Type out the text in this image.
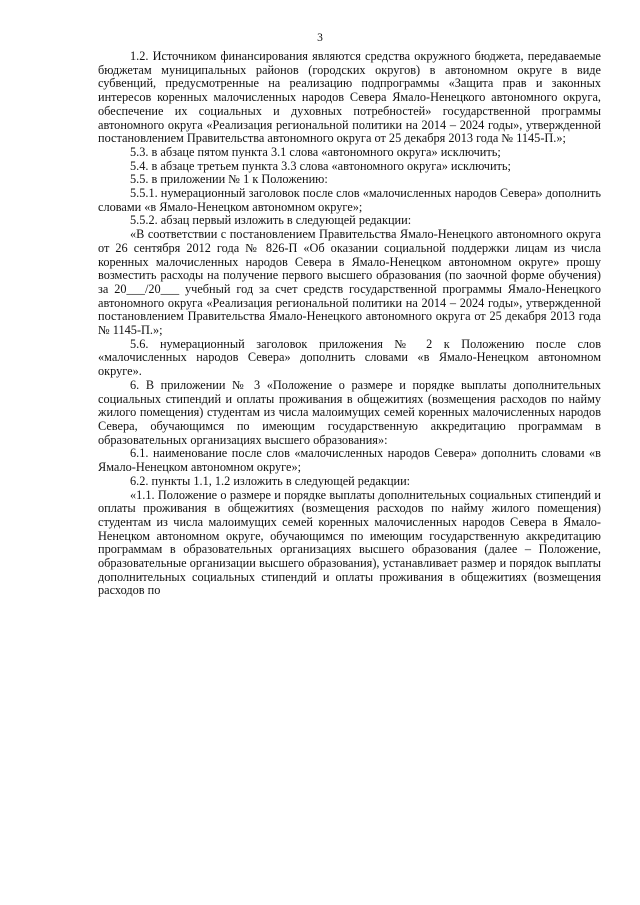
3

1.2. Источником финансирования являются средства окружного бюджета, передаваемые бюджетам муниципальных районов (городских округов) в автономном округе в виде субвенций, предусмотренные на реализацию подпрограммы «Защита прав и законных интересов коренных малочисленных народов Севера Ямало-Ненецкого автономного округа, обеспечение их социальных и духовных потребностей» государственной программы автономного округа «Реализация региональной политики на 2014 – 2024 годы», утвержденной постановлением Правительства автономного округа от 25 декабря 2013 года № 1145-П.»;

5.3. в абзаце пятом пункта 3.1 слова «автономного округа» исключить;

5.4. в абзаце третьем пункта 3.3 слова «автономного округа» исключить;

5.5. в приложении № 1 к Положению:

5.5.1. нумерационный заголовок после слов «малочисленных народов Севера» дополнить словами «в Ямало-Ненецком автономном округе»;

5.5.2. абзац первый изложить в следующей редакции:

«В соответствии с постановлением Правительства Ямало-Ненецкого автономного округа от 26 сентября 2012 года № 826-П «Об оказании социальной поддержки лицам из числа коренных малочисленных народов Севера в Ямало-Ненецком автономном округе» прошу возместить расходы на получение первого высшего образования (по заочной форме обучения) за 20___/20___ учебный год за счет средств государственной программы Ямало-Ненецкого автономного округа «Реализация региональной политики на 2014 – 2024 годы», утвержденной постановлением Правительства Ямало-Ненецкого автономного округа от 25 декабря 2013 года № 1145-П.»;

5.6. нумерационный заголовок приложения № 2 к Положению после слов «малочисленных народов Севера» дополнить словами «в Ямало-Ненецком автономном округе».

6. В приложении № 3 «Положение о размере и порядке выплаты дополнительных социальных стипендий и оплаты проживания в общежитиях (возмещения расходов по найму жилого помещения) студентам из числа малоимущих семей коренных малочисленных народов Севера, обучающимся по имеющим государственную аккредитацию программам в образовательных организациях высшего образования»:

6.1. наименование после слов «малочисленных народов Севера» дополнить словами «в Ямало-Ненецком автономном округе»;

6.2. пункты 1.1, 1.2 изложить в следующей редакции:

«1.1. Положение о размере и порядке выплаты дополнительных социальных стипендий и оплаты проживания в общежитиях (возмещения расходов по найму жилого помещения) студентам из числа малоимущих семей коренных малочисленных народов Севера в Ямало-Ненецком автономном округе, обучающимся по имеющим государственную аккредитацию программам в образовательных организациях высшего образования (далее – Положение, образовательные организации высшего образования), устанавливает размер и порядок выплаты дополнительных социальных стипендий и оплаты проживания в общежитиях (возмещения расходов по
